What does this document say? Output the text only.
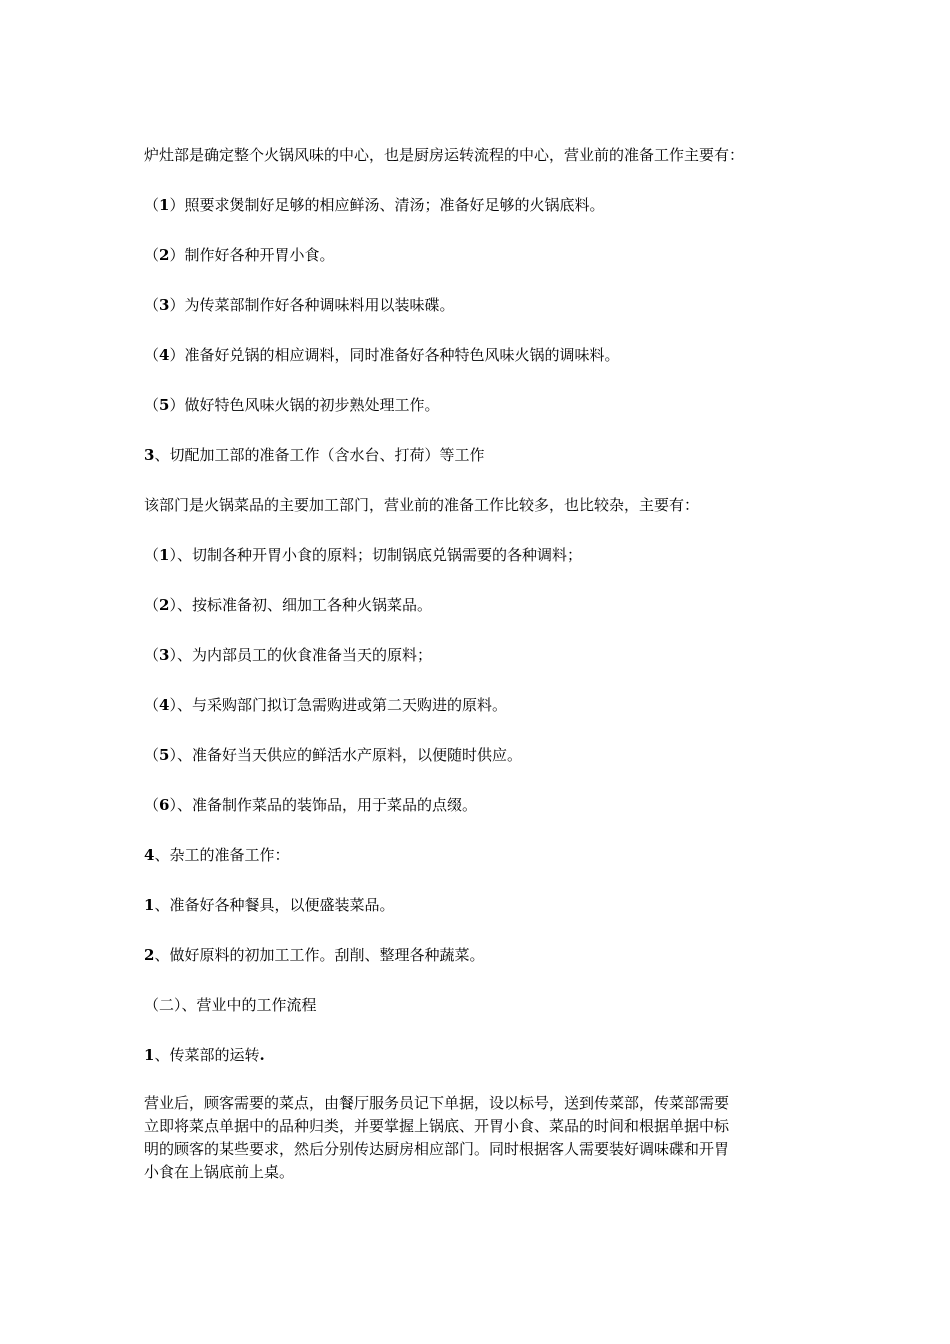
炉灶部是确定整个火锅风味的中心，也是厨房运转流程的中心，营业前的准备工作主要有：
（1）照要求煲制好足够的相应鲜汤、清汤；准备好足够的火锅底料。
（2）制作好各种开胃小食。
（3）为传菜部制作好各种调味料用以装味碟。
（4）准备好兑锅的相应调料，同时准备好各种特色风味火锅的调味料。
（5）做好特色风味火锅的初步熟处理工作。
3、切配加工部的准备工作（含水台、打荷）等工作
该部门是火锅菜品的主要加工部门，营业前的准备工作比较多，也比较杂，主要有：
（1）、切制各种开胃小食的原料；切制锅底兑锅需要的各种调料；
（2）、按标准备初、细加工各种火锅菜品。
（3）、为内部员工的伙食准备当天的原料；
（4）、与采购部门拟订急需购进或第二天购进的原料。
（5）、准备好当天供应的鲜活水产原料，以便随时供应。
（6）、准备制作菜品的装饰品，用于菜品的点缀。
4、杂工的准备工作：
1、准备好各种餐具，以便盛装菜品。
2、做好原料的初加工工作。刮削、整理各种蔬菜。
（二）、营业中的工作流程
1、传菜部的运转.
营业后，顾客需要的菜点，由餐厅服务员记下单据，设以标号，送到传菜部，传菜部需要
立即将菜点单据中的品种归类，并要掌握上锅底、开胃小食、菜品的时间和根据单据中标
明的顾客的某些要求，然后分别传达厨房相应部门。同时根据客人需要装好调味碟和开胃
小食在上锅底前上桌。
